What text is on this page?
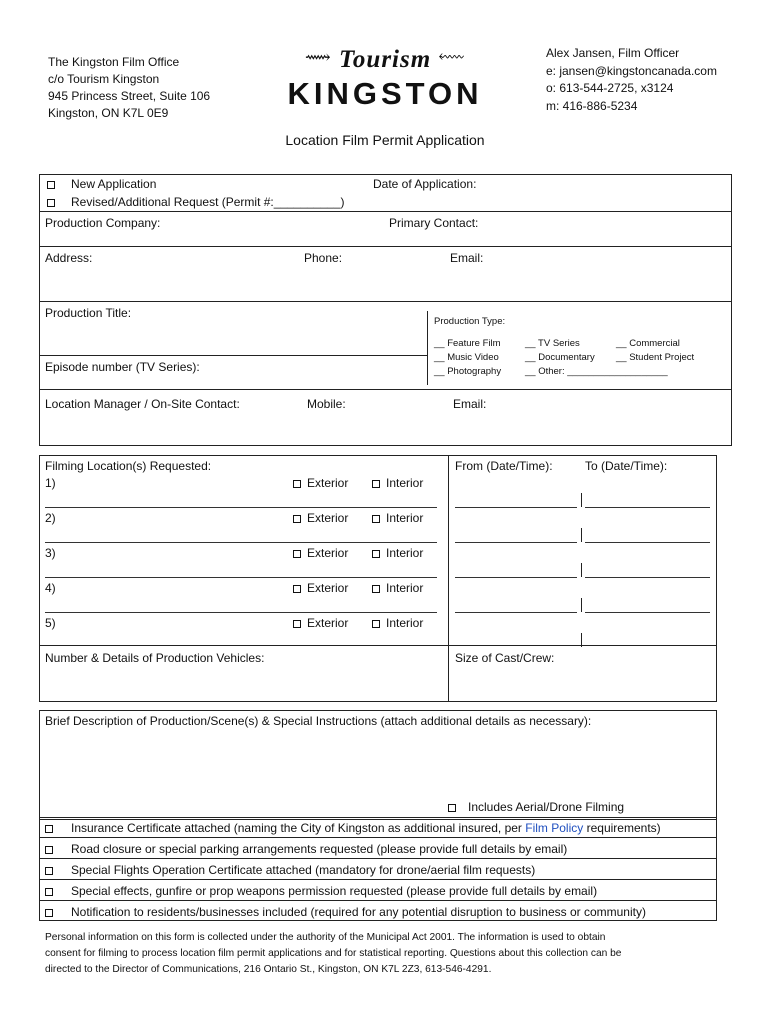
The Kingston Film Office
c/o Tourism Kingston
945 Princess Street, Suite 106
Kingston, ON K7L 0E9
⟿ Tourism ⬳
KINGSTON
Alex Jansen, Film Officer
e: jansen@kingstoncanada.com
o: 613-544-2725, x3124
m: 416-886-5234
Location Film Permit Application
New Application
Revised/Additional Request (Permit #:__________)
Date of Application:
Production Company:	Primary Contact:
Address:	Phone:	Email:
Production Title:
Episode number (TV Series):
Production Type:
__ Feature Film	__ TV Series	__ Commercial
__ Music Video	__ Documentary __ Student Project
__ Photography	__ Other: ___________________
Location Manager / On-Site Contact:	Mobile:	Email:
Filming Location(s) Requested:	From (Date/Time):	To (Date/Time):
1)	Exterior	Interior
2)	Exterior	Interior
3)	Exterior	Interior
4)	Exterior	Interior
5)	Exterior	Interior
Number & Details of Production Vehicles:	Size of Cast/Crew:
Brief Description of Production/Scene(s) & Special Instructions (attach additional details as necessary):
Includes Aerial/Drone Filming
Insurance Certificate attached (naming the City of Kingston as additional insured, per Film Policy requirements)
Road closure or special parking arrangements requested (please provide full details by email)
Special Flights Operation Certificate attached (mandatory for drone/aerial film requests)
Special effects, gunfire or prop weapons permission requested (please provide full details by email)
Notification to residents/businesses included (required for any potential disruption to business or community)
Personal information on this form is collected under the authority of the Municipal Act 2001. The information is used to obtain
consent for filming to process location film permit applications and for statistical reporting. Questions about this collection can be
directed to the Director of Communications, 216 Ontario St., Kingston, ON K7L 2Z3, 613-546-4291.
